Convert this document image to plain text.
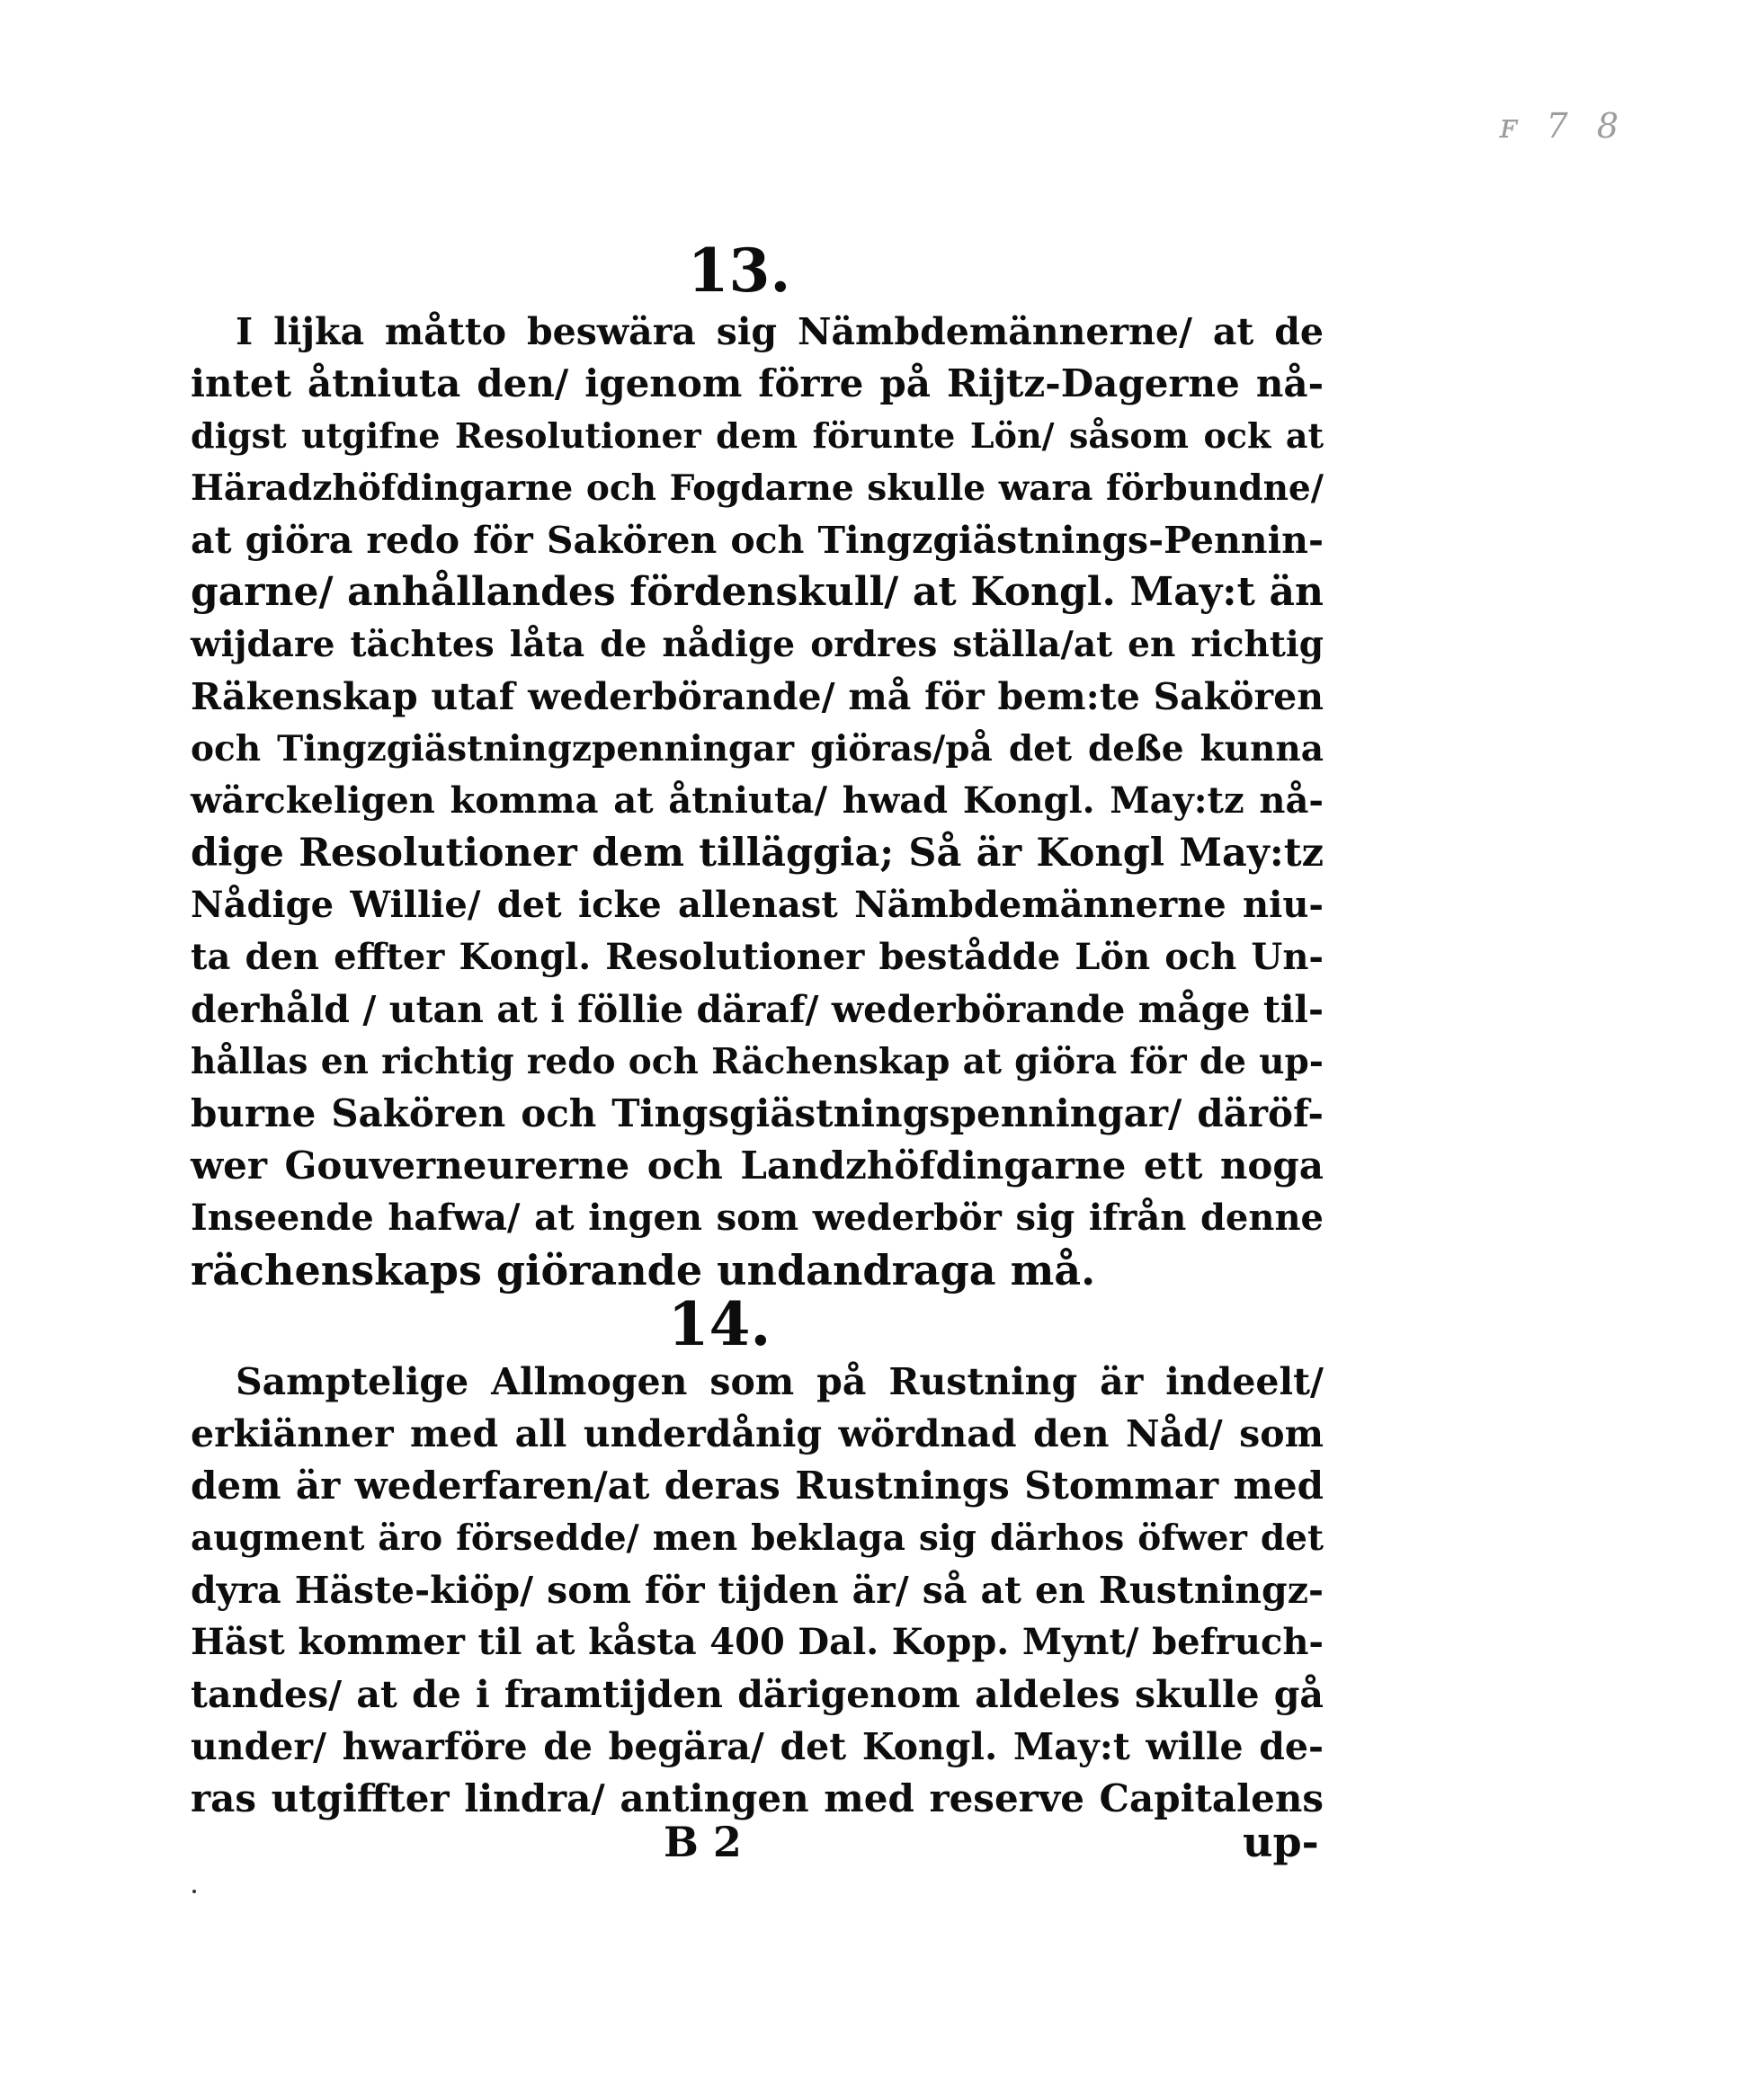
ꜰ 7 8
13.
I lijka måtto beswära sig Nämbdemännerne/ at de
intet åtniuta den/ igenom förre på Rijtz-Dagerne nå-
digst utgifne Resolutioner dem förunte Lön/ såsom ock at
Häradzhöfdingarne och Fogdarne skulle wara förbundne/
at giöra redo för Sakören och Tingzgiästnings-Pennin-
garne/ anhållandes fördenskull/ at Kongl. May:t än
wijdare tächtes låta de nådige ordres ställa/at en richtig
Räkenskap utaf wederbörande/ må för bem:te Sakören
och Tingzgiästningzpenningar giöras/på det deße kunna
wärckeligen komma at åtniuta/ hwad Kongl. May:tz nå-
dige Resolutioner dem tilläggia; Så är Kongl May:tz
Nådige Willie/ det icke allenast Nämbdemännerne niu-
ta den effter Kongl. Resolutioner bestådde Lön och Un-
derhåld / utan at i föllie däraf/ wederbörande måge til-
hållas en richtig redo och Rächenskap at giöra för de up-
burne Sakören och Tingsgiästningspenningar/ däröf-
wer Gouverneurerne och Landzhöfdingarne ett noga
Inseende hafwa/ at ingen som wederbör sig ifrån denne
rächenskaps giörande undandraga må.
14.
Samptelige Allmogen som på Rustning är indeelt/
erkiänner med all underdånig wördnad den Nåd/ som
dem är wederfaren/at deras Rustnings Stommar med
augment äro försedde/ men beklaga sig därhos öfwer det
dyra Häste-kiöp/ som för tijden är/ så at en Rustningz-
Häst kommer til at kåsta 400 Dal. Kopp. Mynt/ befruch-
tandes/ at de i framtijden därigenom aldeles skulle gå
under/ hwarföre de begära/ det Kongl. May:t wille de-
ras utgiffter lindra/ antingen med reserve Capitalens
B 2	up-
